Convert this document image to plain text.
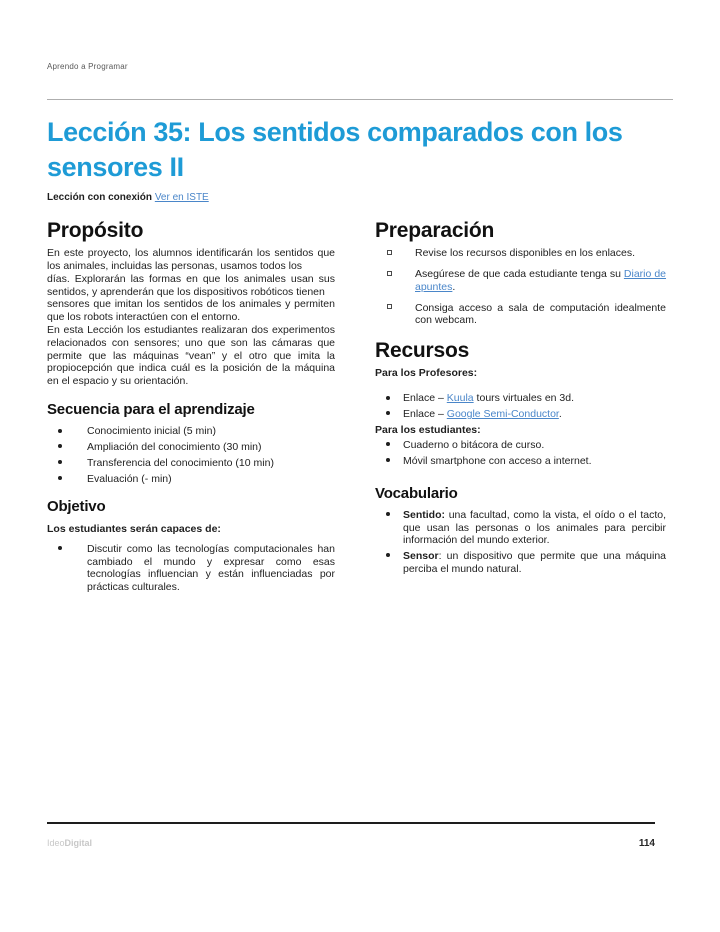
Aprendo a Programar
Lección 35: Los sentidos comparados con los sensores II
Lección con conexión Ver en ISTE
Propósito

En este proyecto, los alumnos identificarán los sentidos que los animales, incluidas las personas, usamos todos los

días. Explorarán las formas en que los animales usan sus sentidos, y aprenderán que los dispositivos robóticos tienen

sensores que imitan los sentidos de los animales y permiten que los robots interactúen con el entorno.

En esta Lección los estudiantes realizaran dos experimentos relacionados con sensores; uno que son las cámaras que permite que las máquinas “vean” y el otro que imita la propiocepción que indica cuál es la posición de la máquina en el espacio y su orientación.

Secuencia para el aprendizaje
Conocimiento inicial (5 min)
Ampliación del conocimiento (30 min)
Transferencia del conocimiento (10 min)
Evaluación (- min)
Objetivo
Los estudiantes serán capaces de:
Discutir como las tecnologías computacionales han cambiado el mundo y expresar como esas tecnologías influencian y están influenciadas por prácticas culturales.
Preparación
Revise los recursos disponibles en los enlaces.
Asegúrese de que cada estudiante tenga su Diario de apuntes.
Consiga acceso a sala de computación idealmente con webcam.
Recursos
Para los Profesores:
Enlace – Kuula tours virtuales en 3d.
Enlace – Google Semi-Conductor.
Para los estudiantes:
Cuaderno o bitácora de curso.
Móvil smartphone con acceso a internet.
Vocabulario
Sentido: una facultad, como la vista, el oído o el tacto, que usan las personas o los animales para percibir información del mundo exterior.
Sensor: un dispositivo que permite que una máquina perciba el mundo natural.
IdeoDigital	114
